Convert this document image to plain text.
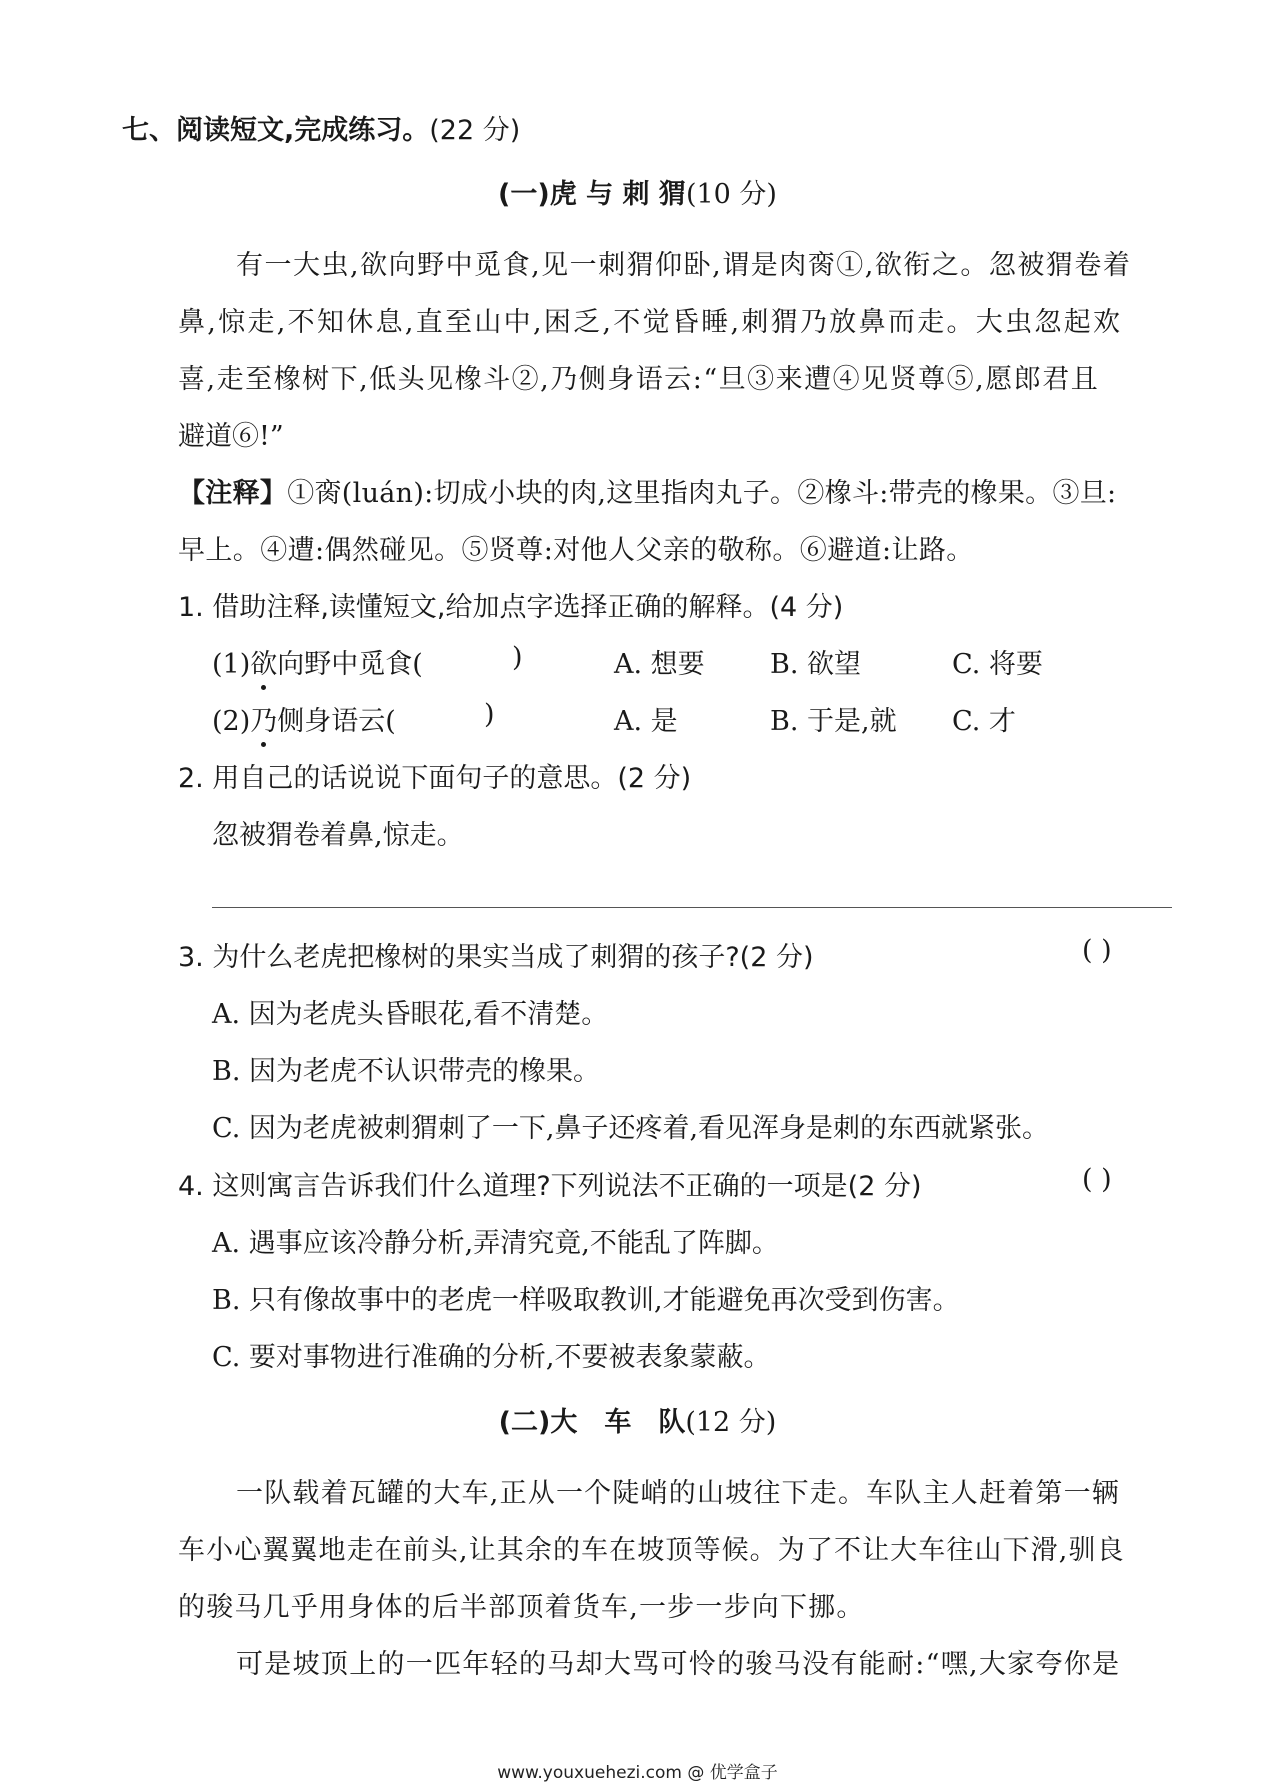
七、阅读短文,完成练习。(22 分)
(一)虎 与 刺 猬(10 分)
有一大虫,欲向野中觅食,见一刺猬仰卧,谓是肉脔①,欲衔之。忽被猬卷着
鼻,惊走,不知休息,直至山中,困乏,不觉昏睡,刺猬乃放鼻而走。大虫忽起欢
喜,走至橡树下,低头见橡斗②,乃侧身语云:“旦③来遭④见贤尊⑤,愿郎君且
避道⑥!”
【注释】①脔(luán):切成小块的肉,这里指肉丸子。②橡斗:带壳的橡果。③旦:
早上。④遭:偶然碰见。⑤贤尊:对他人父亲的敬称。⑥避道:让路。
1. 借助注释,读懂短文,给加点字选择正确的解释。(4 分)
(1)欲向野中觅食(	)	A. 想要 B. 欲望	C. 将要
(2)乃侧身语云(	)	A. 是	B. 于是,就 C. 才
2. 用自己的话说说下面句子的意思。(2 分)
忽被猬卷着鼻,惊走。
3. 为什么老虎把橡树的果实当成了刺猬的孩子?(2 分)	( )
A. 因为老虎头昏眼花,看不清楚。
B. 因为老虎不认识带壳的橡果。
C. 因为老虎被刺猬刺了一下,鼻子还疼着,看见浑身是刺的东西就紧张。
4. 这则寓言告诉我们什么道理?下列说法不正确的一项是(2 分)	( )
A. 遇事应该冷静分析,弄清究竟,不能乱了阵脚。
B. 只有像故事中的老虎一样吸取教训,才能避免再次受到伤害。
C. 要对事物进行准确的分析,不要被表象蒙蔽。
(二)大　车　队(12 分)
一队载着瓦罐的大车,正从一个陡峭的山坡往下走。车队主人赶着第一辆
车小心翼翼地走在前头,让其余的车在坡顶等候。为了不让大车往山下滑,驯良
的骏马几乎用身体的后半部顶着货车,一步一步向下挪。
可是坡顶上的一匹年轻的马却大骂可怜的骏马没有能耐:“嘿,大家夸你是
www.youxuehezi.com @ 优学盒子
